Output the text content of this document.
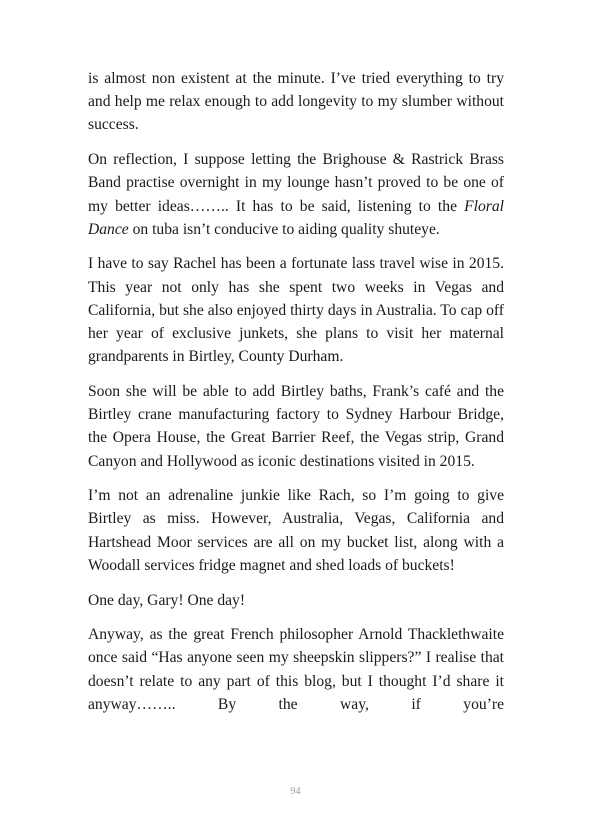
is almost non existent at the minute. I’ve tried everything to try and help me relax enough to add longevity to my slumber without success.

On reflection, I suppose letting the Brighouse & Rastrick Brass Band practise overnight in my lounge hasn’t proved to be one of my better ideas…….. It has to be said, listening to the Floral Dance on tuba isn’t conducive to aiding quality shuteye.

I have to say Rachel has been a fortunate lass travel wise in 2015. This year not only has she spent two weeks in Vegas and California, but she also enjoyed thirty days in Australia. To cap off her year of exclusive junkets, she plans to visit her maternal grandparents in Birtley, County Durham.

Soon she will be able to add Birtley baths, Frank’s café and the Birtley crane manufacturing factory to Sydney Harbour Bridge, the Opera House, the Great Barrier Reef, the Vegas strip, Grand Canyon and Hollywood as iconic destinations visited in 2015.

I’m not an adrenaline junkie like Rach, so I’m going to give Birtley as miss. However, Australia, Vegas, California and Hartshead Moor services are all on my bucket list, along with a Woodall services fridge magnet and shed loads of buckets!

One day, Gary! One day!

Anyway, as the great French philosopher Arnold Thacklethwaite once said “Has anyone seen my sheepskin slippers?” I realise that doesn’t relate to any part of this blog, but I thought I’d share it anyway…….. By the way, if you’re

94
